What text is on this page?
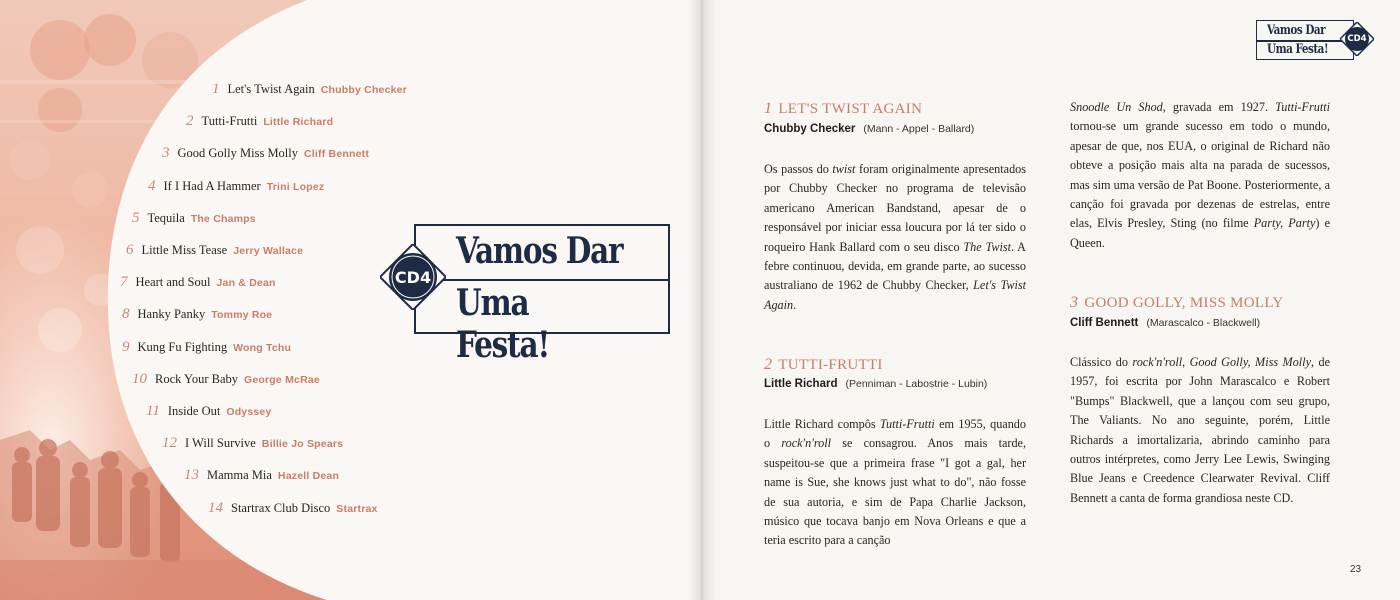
1 Let's Twist Again Chubby Checker
2 Tutti-Frutti Little Richard
3 Good Golly Miss Molly Cliff Bennett
4 If I Had A Hammer Trini Lopez
5 Tequila The Champs
6 Little Miss Tease Jerry Wallace
7 Heart and Soul Jan & Dean
8 Hanky Panky Tommy Roe
9 Kung Fu Fighting Wong Tchu
10 Rock Your Baby George McRae
11 Inside Out Odyssey
12 I Will Survive Billie Jo Spears
13 Mamma Mia Hazell Dean
14 Startrax Club Disco Startrax
Vamos Dar
Uma Festa!
CD4
Vamos Dar
Uma Festa!
CD4
1 LET'S TWIST AGAIN
Chubby Checker (Mann - Appel - Ballard)
Os passos do twist foram originalmente apresentados por Chubby Checker no programa de televisão americano American Bandstand, apesar de o responsável por iniciar essa loucura por lá ter sido o roqueiro Hank Ballard com o seu disco The Twist. A febre continuou, devida, em grande parte, ao sucesso australiano de 1962 de Chubby Checker, Let's Twist Again.
2 TUTTI-FRUTTI
Little Richard (Penniman - Labostrie - Lubin)
Little Richard compôs Tutti-Frutti em 1955, quando o rock'n'roll se consagrou. Anos mais tarde, suspeitou-se que a primeira frase "I got a gal, her name is Sue, she knows just what to do", não fosse de sua autoria, e sim de Papa Charlie Jackson, músico que tocava banjo em Nova Orleans e que a teria escrito para a canção
Snoodle Un Shod, gravada em 1927. Tutti-Frutti tornou-se um grande sucesso em todo o mundo, apesar de que, nos EUA, o original de Richard não obteve a posição mais alta na parada de sucessos, mas sim uma versão de Pat Boone. Posteriormente, a canção foi gravada por dezenas de estrelas, entre elas, Elvis Presley, Sting (no filme Party, Party) e Queen.
3 GOOD GOLLY, MISS MOLLY
Cliff Bennett (Marascalco - Blackwell)
Clássico do rock'n'roll, Good Golly, Miss Molly, de 1957, foi escrita por John Marascalco e Robert "Bumps" Blackwell, que a lançou com seu grupo, The Valiants. No ano seguinte, porém, Little Richards a imortalizaria, abrindo caminho para outros intérpretes, como Jerry Lee Lewis, Swinging Blue Jeans e Creedence Clearwater Revival. Cliff Bennett a canta de forma grandiosa neste CD.
23
